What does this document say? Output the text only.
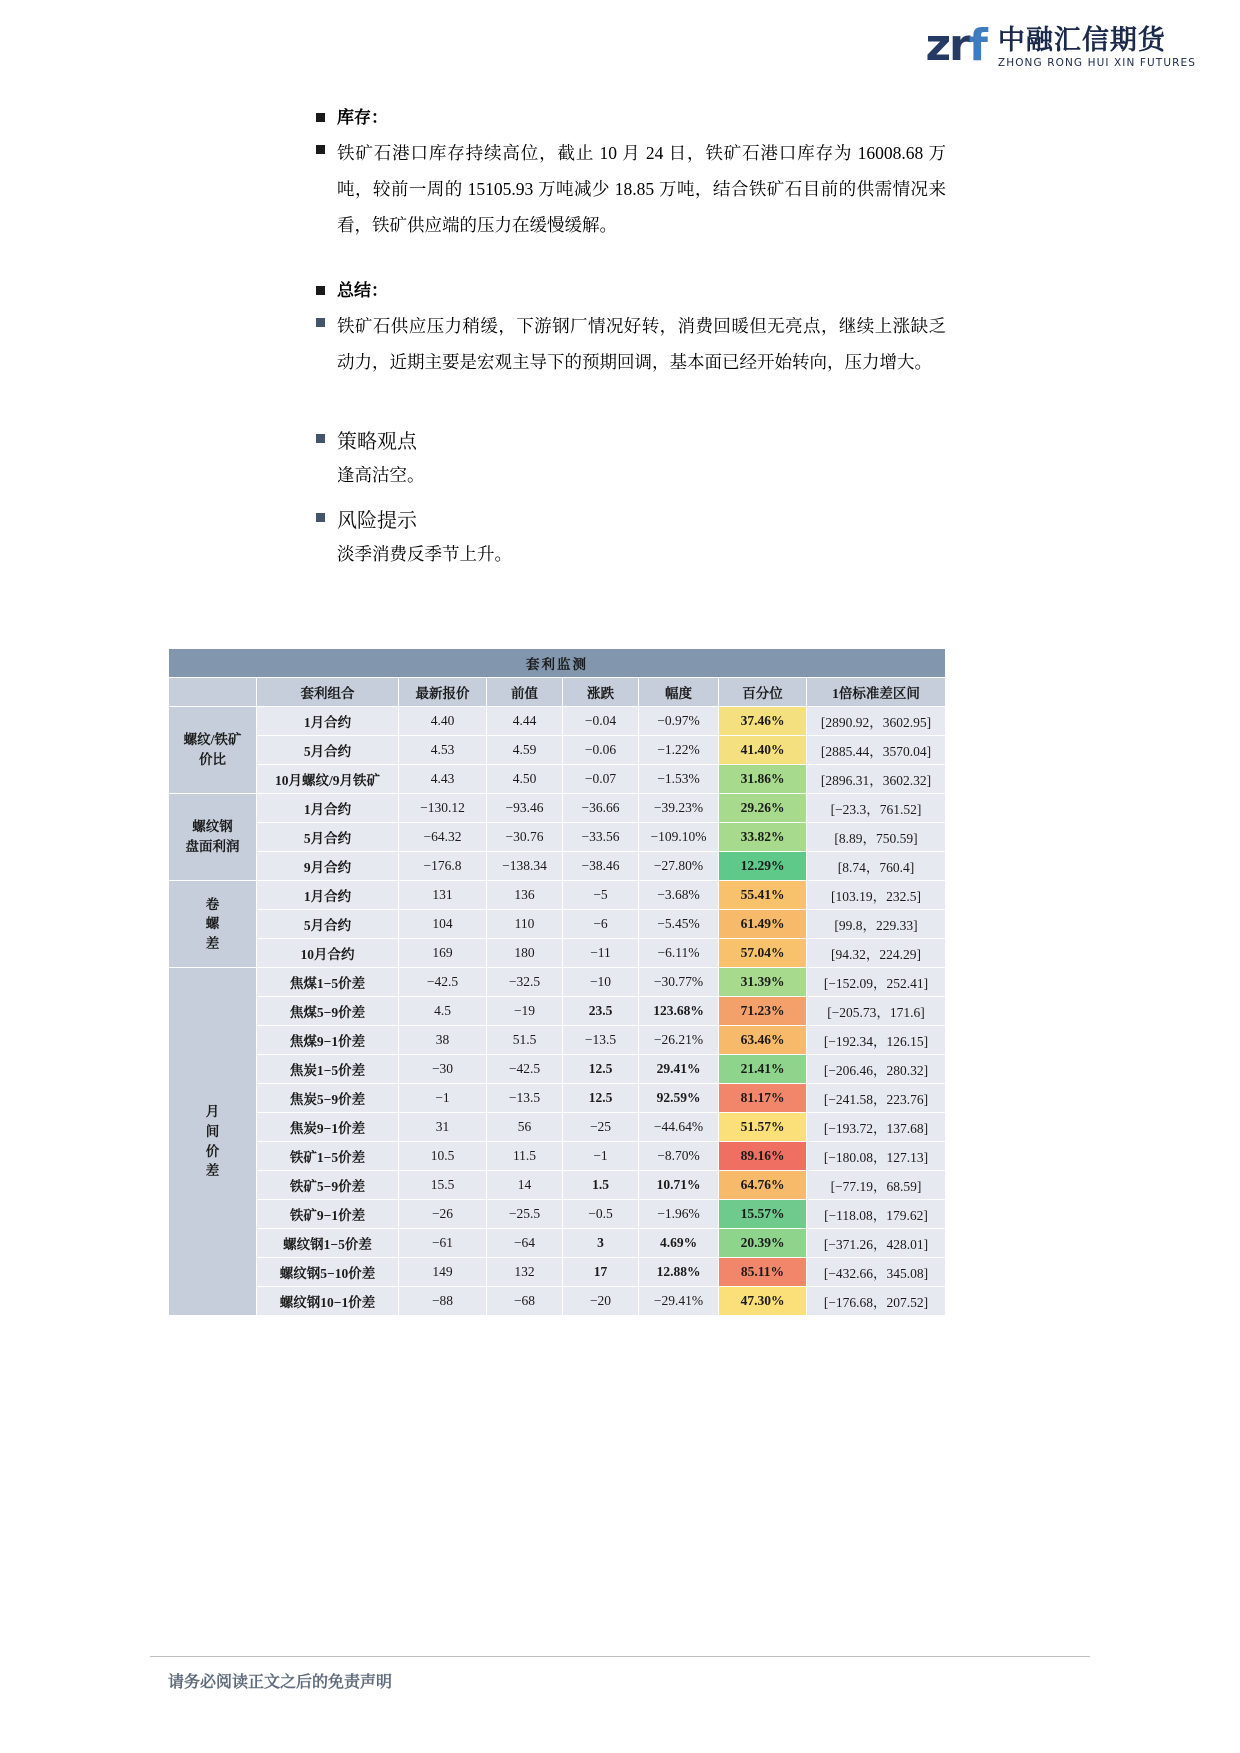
zrf 中融汇信期货
ZHONG RONG HUI XIN FUTURES
库存：
铁矿石港口库存持续高位，截止 10 月 24 日，铁矿石港口库存为 16008.68 万吨，较前一周的 15105.93 万吨减少 18.85 万吨，结合铁矿石目前的供需情况来看，铁矿供应端的压力在缓慢缓解。
总结：
铁矿石供应压力稍缓，下游钢厂情况好转，消费回暖但无亮点，继续上涨缺乏动力，近期主要是宏观主导下的预期回调，基本面已经开始转向，压力增大。
策略观点
逢高沽空。
风险提示
淡季消费反季节上升。
套利监测							
	套利组合	最新报价	前值	涨跌	幅度	百分位	1倍标准差区间

螺纹/铁矿
价比	1月合约	4.40	4.44	−0.04	−0.97%	37.46%	[2890.92，3602.95]
	5月合约	4.53	4.59	−0.06	−1.22%	41.40%	[2885.44，3570.04]
	10月螺纹/9月铁矿	4.43	4.50	−0.07	−1.53%	31.86%	[2896.31，3602.32]

螺纹钢
盘面利润	1月合约	−130.12	−93.46	−36.66	−39.23%	29.26%	[−23.3，761.52]
	5月合约	−64.32	−30.76	−33.56	−109.10%	33.82%	[8.89，750.59]
	9月合约	−176.8	−138.34	−38.46	−27.80%	12.29%	[8.74，760.4]

卷
螺
差	1月合约	131	136	−5	−3.68%	55.41%	[103.19，232.5]
	5月合约	104	110	−6	−5.45%	61.49%	[99.8，229.33]
	10月合约	169	180	−11	−6.11%	57.04%	[94.32，224.29]

月
间
价
差	焦煤1−5价差	−42.5	−32.5	−10	−30.77%	31.39%	[−152.09，252.41]
	焦煤5−9价差	4.5	−19	23.5	123.68%	71.23%	[−205.73，171.6]
	焦煤9−1价差	38	51.5	−13.5	−26.21%	63.46%	[−192.34，126.15]
	焦炭1−5价差	−30	−42.5	12.5	29.41%	21.41%	[−206.46，280.32]
	焦炭5−9价差	−1	−13.5	12.5	92.59%	81.17%	[−241.58，223.76]
	焦炭9−1价差	31	56	−25	−44.64%	51.57%	[−193.72，137.68]
	铁矿1−5价差	10.5	11.5	−1	−8.70%	89.16%	[−180.08，127.13]
	铁矿5−9价差	15.5	14	1.5	10.71%	64.76%	[−77.19，68.59]
	铁矿9−1价差	−26	−25.5	−0.5	−1.96%	15.57%	[−118.08，179.62]
	螺纹钢1−5价差	−61	−64	3	4.69%	20.39%	[−371.26，428.01]
	螺纹钢5−10价差	149	132	17	12.88%	85.11%	[−432.66，345.08]
	螺纹钢10−1价差	−88	−68	−20	−29.41%	47.30%	[−176.68，207.52]
请务必阅读正文之后的免责声明
